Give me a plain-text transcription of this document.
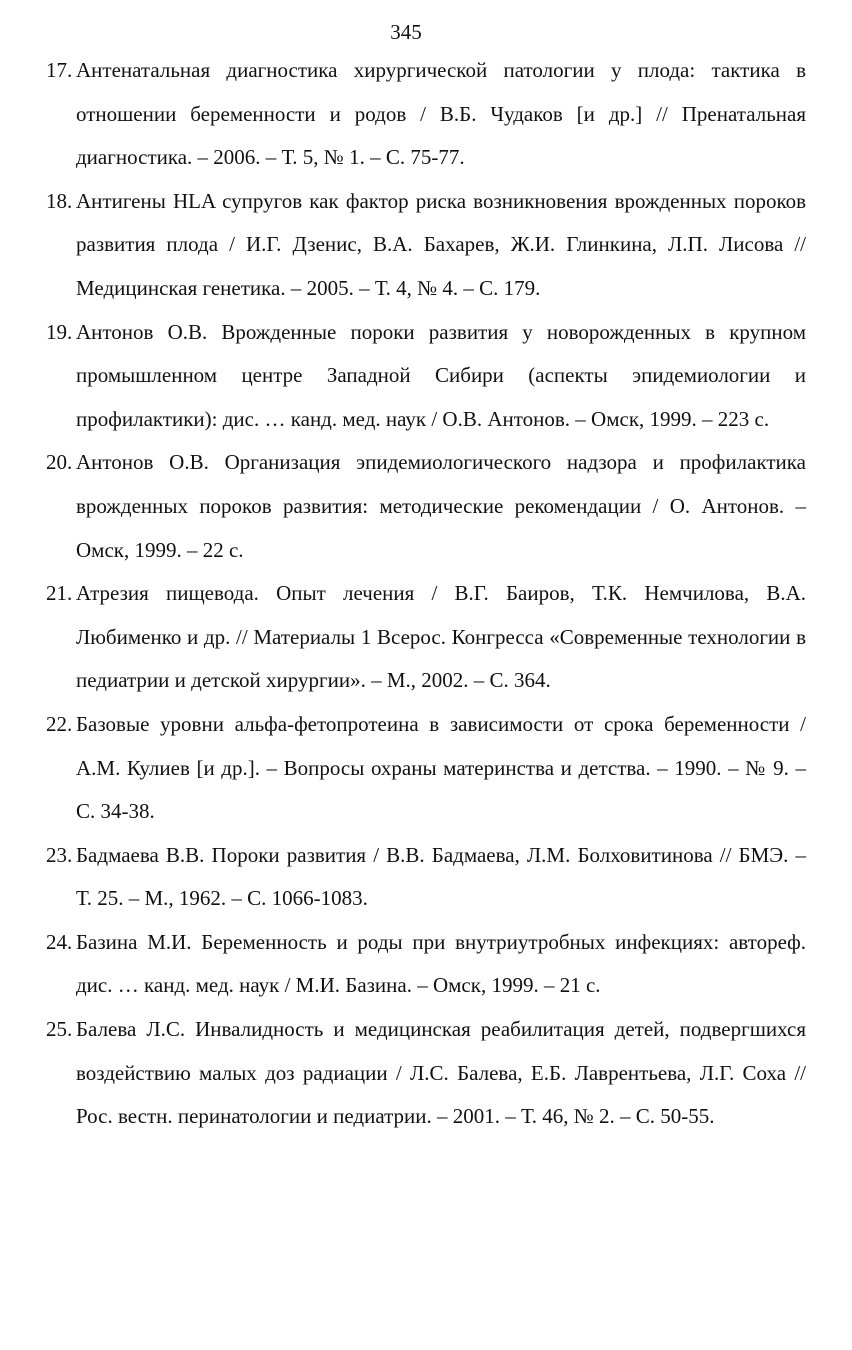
345
17. Антенатальная диагностика хирургической патологии у плода: тактика в отношении беременности и родов / В.Б. Чудаков [и др.] // Пренатальная диагностика. – 2006. – Т. 5, № 1. – С. 75-77.
18. Антигены HLA супругов как фактор риска возникновения врожденных пороков развития плода / И.Г. Дзенис, В.А. Бахарев, Ж.И. Глинкина, Л.П. Лисова // Медицинская генетика. – 2005. – Т. 4, № 4. – С. 179.
19. Антонов О.В. Врожденные пороки развития у новорожденных в крупном промышленном центре Западной Сибири (аспекты эпидемиологии и профилактики): дис. … канд. мед. наук / О.В. Антонов. – Омск, 1999. – 223 с.
20. Антонов О.В. Организация эпидемиологического надзора и профилактика врожденных пороков развития: методические рекомендации / О. Антонов. – Омск, 1999. – 22 с.
21. Атрезия пищевода. Опыт лечения / В.Г. Баиров, Т.К. Немчилова, В.А. Любименко и др. // Материалы 1 Всерос. Конгресса «Современные технологии в педиатрии и детской хирургии». – М., 2002. – С. 364.
22. Базовые уровни альфа-фетопротеина в зависимости от срока беременности / А.М. Кулиев [и др.]. – Вопросы охраны материнства и детства. – 1990. – № 9. – С. 34-38.
23. Бадмаева В.В. Пороки развития / В.В. Бадмаева, Л.М. Болховитинова // БМЭ. – Т. 25. – М., 1962. – С. 1066-1083.
24. Базина М.И. Беременность и роды при внутриутробных инфекциях: автореф. дис. … канд. мед. наук / М.И. Базина. – Омск, 1999. – 21 с.
25. Балева Л.С. Инвалидность и медицинская реабилитация детей, подвергшихся воздействию малых доз радиации / Л.С. Балева, Е.Б. Лаврентьева, Л.Г. Соха // Рос. вестн. перинатологии и педиатрии. – 2001. – Т. 46, № 2. – С. 50-55.
